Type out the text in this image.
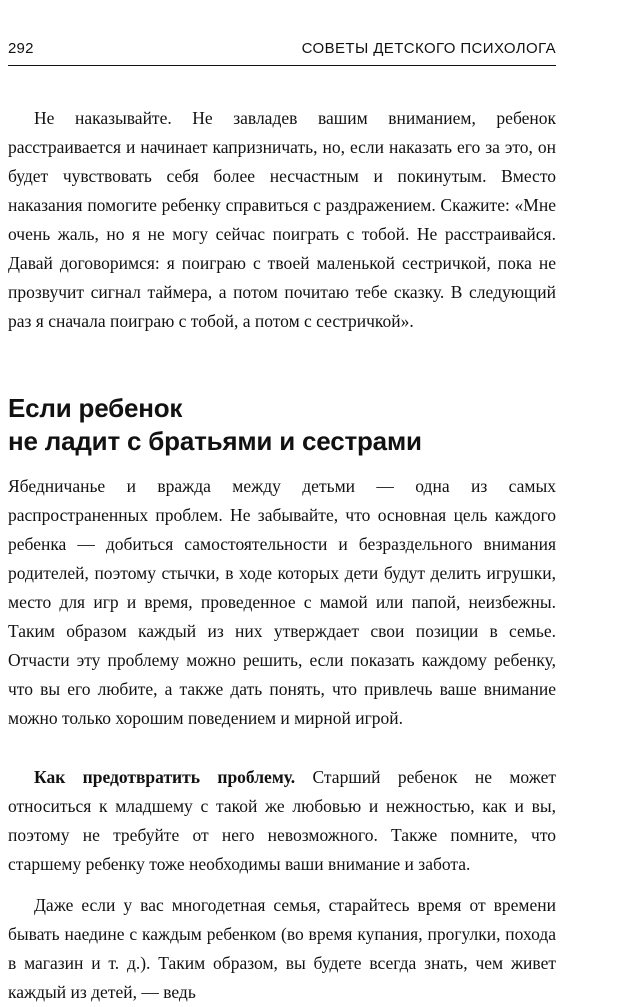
292	СОВЕТЫ ДЕТСКОГО ПСИХОЛОГА

Не наказывайте. Не завладев вашим вниманием, ребенок расстраивается и начинает капризничать, но, если наказать его за это, он будет чувствовать себя более несчастным и покинутым. Вместо наказания помогите ребенку справиться с раздражением. Скажите: «Мне очень жаль, но я не могу сейчас поиграть с тобой. Не расстраивайся. Давай договоримся: я поиграю с твоей маленькой сестричкой, пока не прозвучит сигнал таймера, а потом почитаю тебе сказку. В следующий раз я сначала поиграю с тобой, а потом с сестричкой».

Если ребенок
не ладит с братьями и сестрами

Ябедничанье и вражда между детьми — одна из самых распространенных проблем. Не забывайте, что основная цель каждого ребенка — добиться самостоятельности и безраздельного внимания родителей, поэтому стычки, в ходе которых дети будут делить игрушки, место для игр и время, проведенное с мамой или папой, неизбежны. Таким образом каждый из них утверждает свои позиции в семье. Отчасти эту проблему можно решить, если показать каждому ребенку, что вы его любите, а также дать понять, что привлечь ваше внимание можно только хорошим поведением и мирной игрой.

Как предотвратить проблему. Старший ребенок не может относиться к младшему с такой же любовью и нежностью, как и вы, поэтому не требуйте от него невозможного. Также помните, что старшему ребенку тоже необходимы ваши внимание и забота.

Даже если у вас многодетная семья, старайтесь время от времени бывать наедине с каждым ребенком (во время купания, прогулки, похода в магазин и т. д.). Таким образом, вы будете всегда знать, чем живет каждый из детей, — ведь
